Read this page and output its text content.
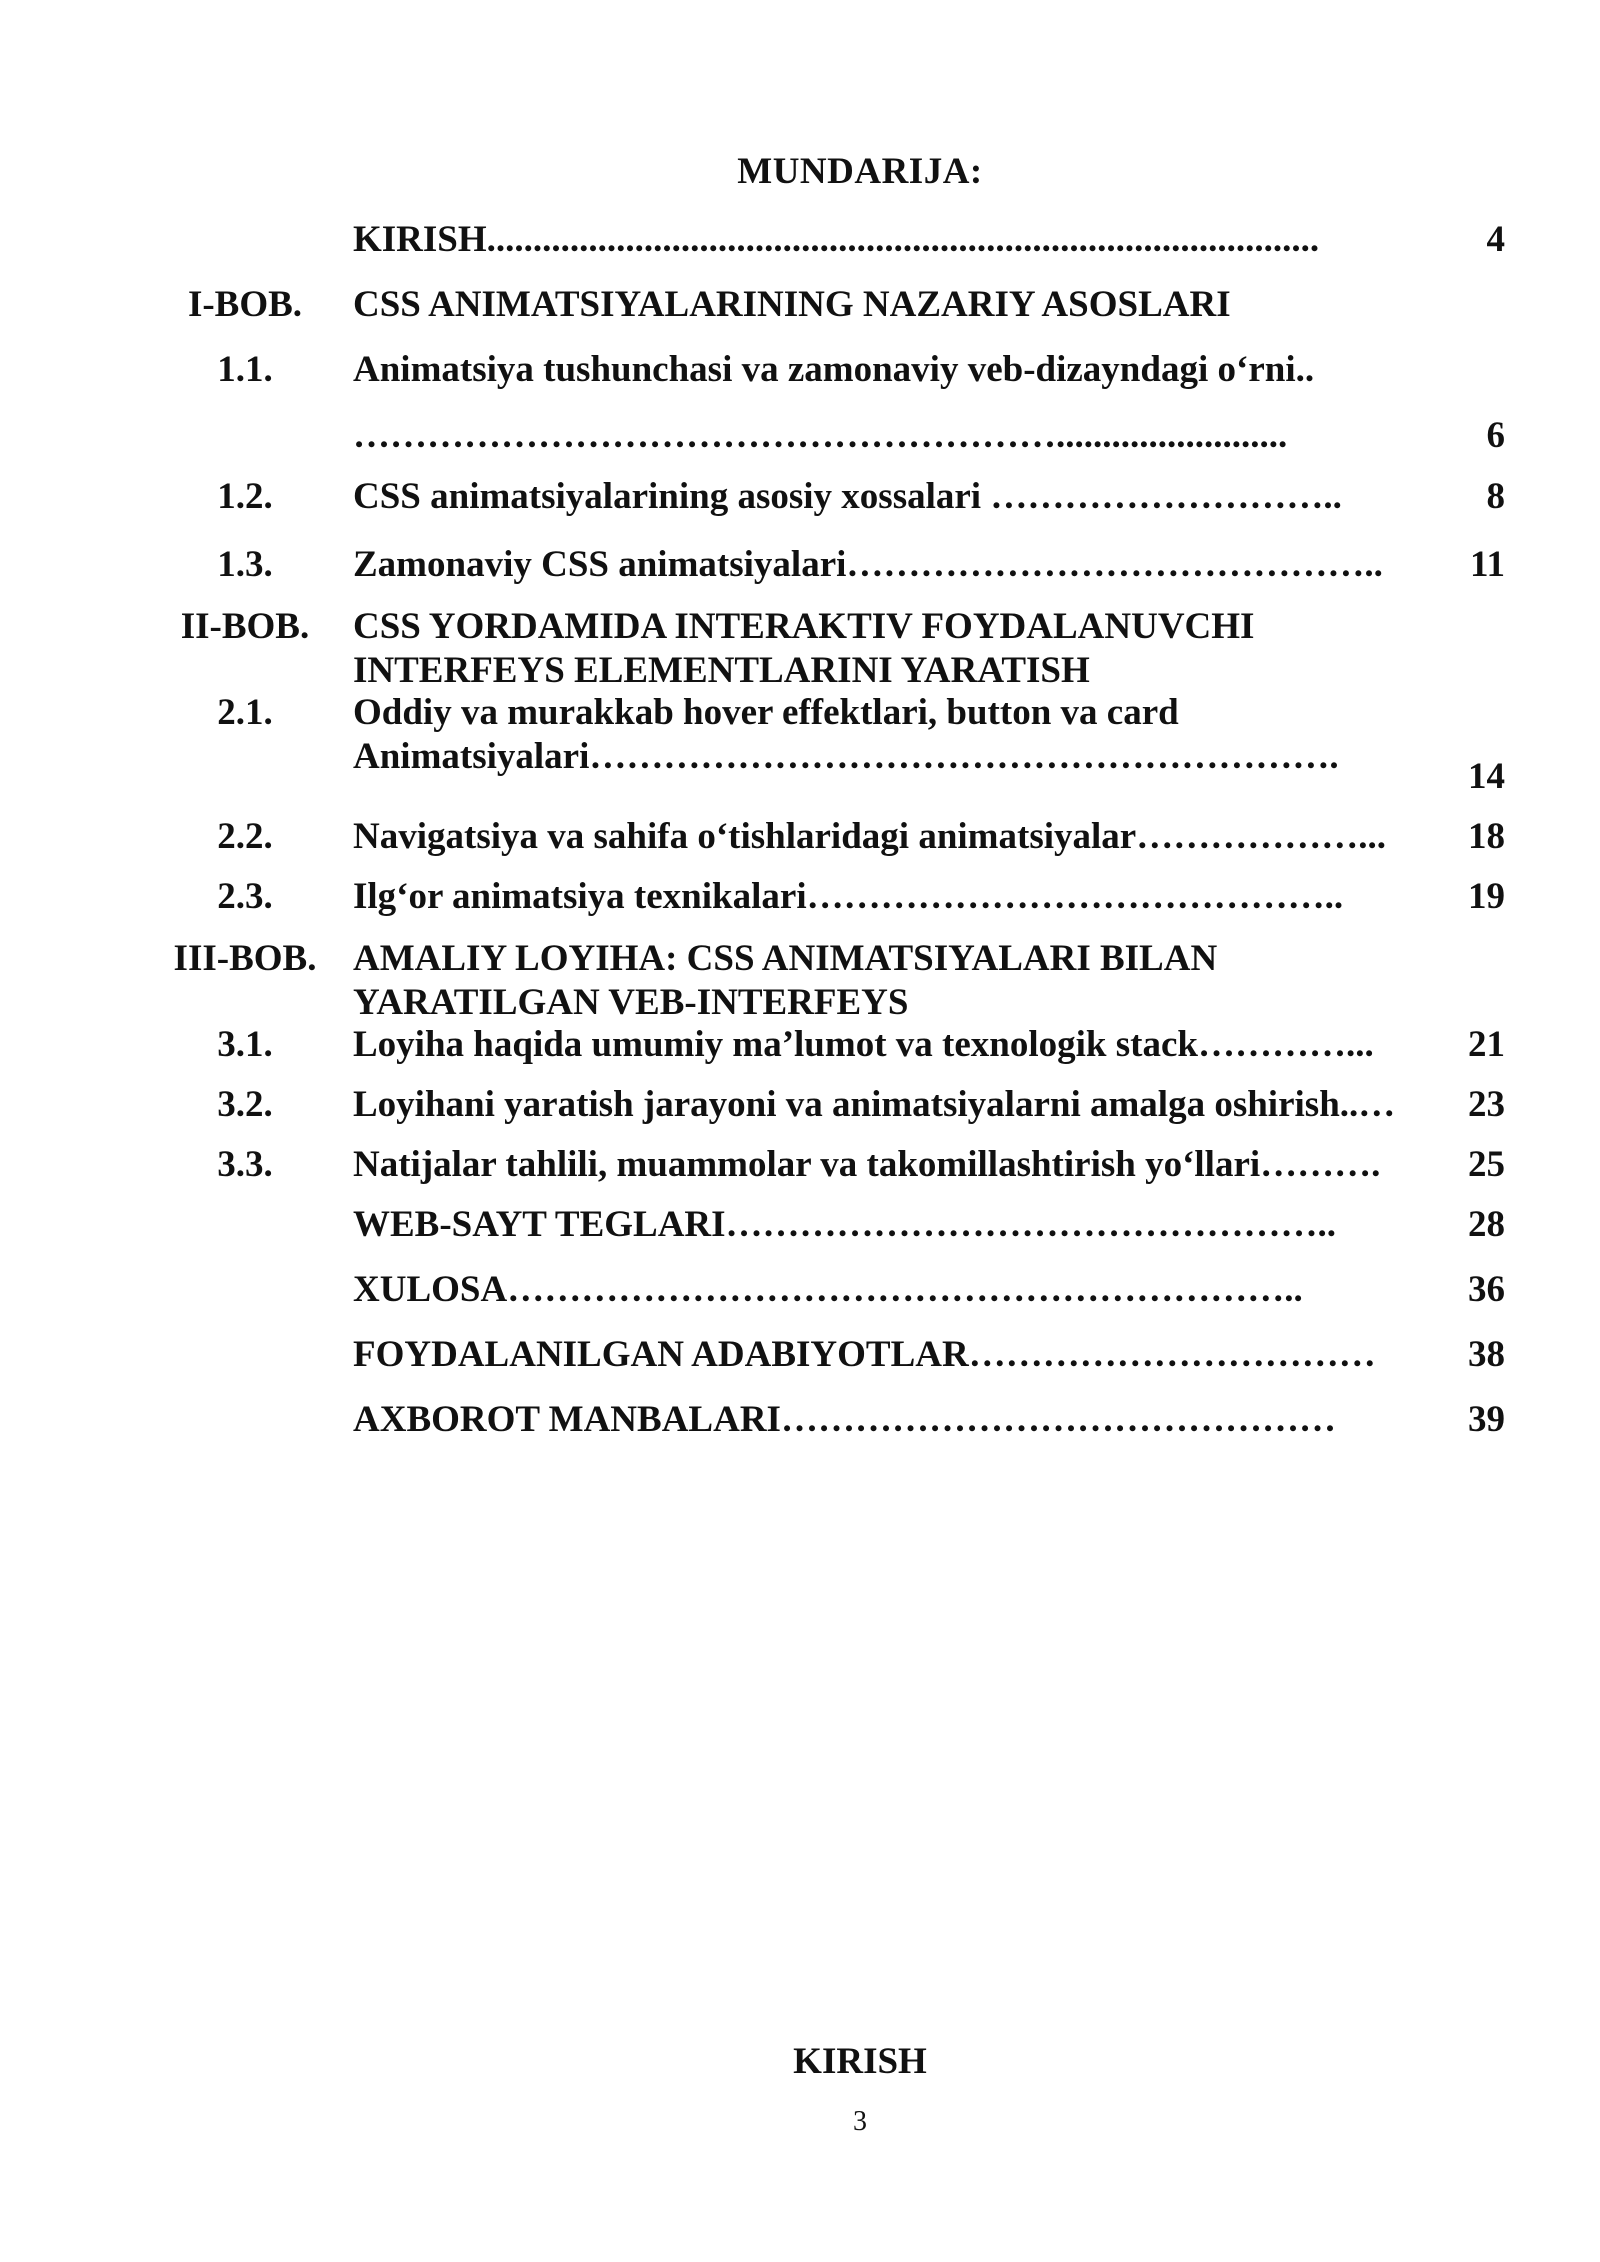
MUNDARIJA:
KIRISH..........................................................................................	4
I-BOB.	CSS ANIMATSIYALARINING NAZARIY ASOSLARI
1.1.	Animatsiya tushunchasi va zamonaviy veb-dizayndagi o‘rni..
………………………………………………….........................	6
1.2.	CSS animatsiyalarining asosiy xossalari ………………………..	8
1.3.	Zamonaviy CSS animatsiyalari……………………………………..	11
II-BOB.	CSS YORDAMIDA INTERAKTIV FOYDALANUVCHI
INTERFEYS ELEMENTLARINI YARATISH
2.1.	Oddiy va murakkab hover effektlari, button va card
Animatsiyalari…………………………………………………….	14
2.2.	Navigatsiya va sahifa o‘tishlaridagi animatsiyalar………………...	18
2.3.	Ilg‘or animatsiya texnikalari……………………………………..	19
III-BOB. AMALIY LOYIHA: CSS ANIMATSIYALARI BILAN
YARATILGAN VEB-INTERFEYS
3.1.	Loyiha haqida umumiy ma’lumot va texnologik stack…………...	21
3.2.	Loyihani yaratish jarayoni va animatsiyalarni amalga oshirish..…	23
3.3.	Natijalar tahlili, muammolar va takomillashtirish yo‘llari……….	25
WEB-SAYT TEGLARI…………………………………………..	28
XULOSA………………………………………………………..	36
FOYDALANILGAN ADABIYOTLAR……………………………	38
AXBOROT MANBALARI………………………………………	39
KIRISH
3
